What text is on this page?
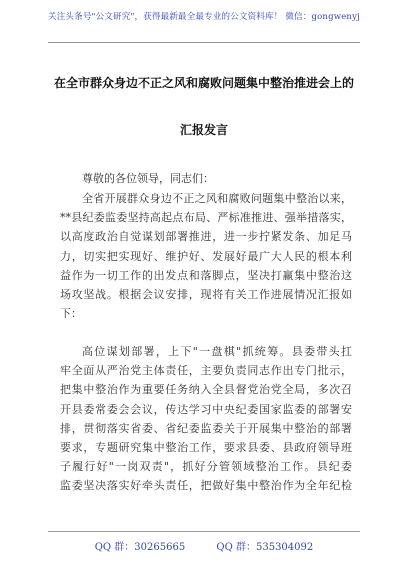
关注头条号"公文研究"，获得最新最全最专业的公文资料库！ 微信：gongwenyj
在全市群众身边不正之风和腐败问题集中整治推进会上的
汇报发言
尊敬的各位领导，同志们：
全省开展群众身边不正之风和腐败问题集中整治以来，
**县纪委监委坚持高起点布局、严标准推进、强举措落实，
以高度政治自觉谋划部署推进，进一步拧紧发条、加足马
力，切实把实现好、维护好、发展好最广大人民的根本利
益作为一切工作的出发点和落脚点，坚决打赢集中整治这
场攻坚战。根据会议安排，现将有关工作进展情况汇报如
下：
高位谋划部署，上下"一盘棋"抓统筹。县委带头扛
牢全面从严治党主体责任，主要负责同志作出专门批示，
把集中整治作为重要任务纳入全县督党治党全局，多次召
开县委常委会会议，传达学习中央纪委国家监委的部署安
排，贯彻落实省委、省纪委监委关于开展集中整治的部署
要求，专题研究集中整治工作，要求县委、县政府领导班
子履行好"一岗双责"，抓好分管领域整治工作。县纪委
监委坚决落实好牵头责任，把做好集中整治作为全年纪检
QQ 群：30265665	QQ 群：535304092
